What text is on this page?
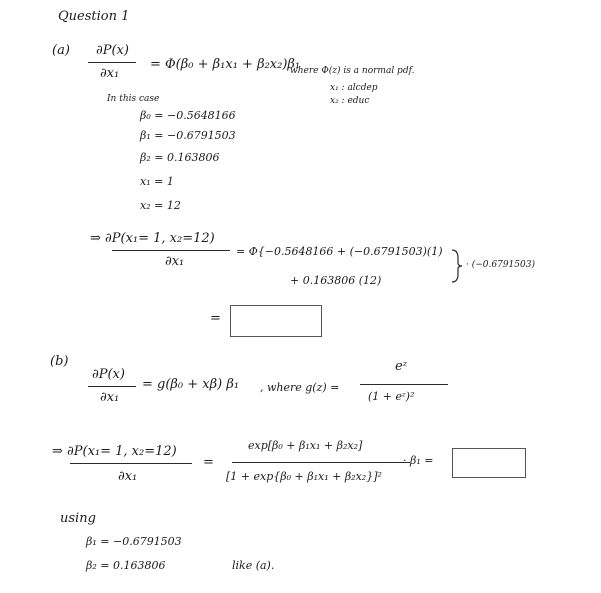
Question 1
(a) ∂P(x)
∂x₁
= Φ(β₀ + β₁x₁ + β₂x₂)β₁
where Φ(z) is a normal pdf.
x₁ : alcdep
x₂ : educ
In this case
β₀ = −0.5648166
β₁ = −0.6791503
β₂ = 0.163806
x₁ = 1
x₂ = 12
⇒ ∂P(x₁= 1, x₂=12)
∂x₁
= Φ{−0.5648166 + (−0.6791503)(1)
+ 0.163806 (12)
· (−0.6791503)
=
(b)
∂P(x)
∂x₁
= g(β₀ + xβ) β₁ , where g(z) =
eᶻ
(1 + eᶻ)²
⇒ ∂P(x₁= 1, x₂=12)
∂x₁
=
exp[β₀ + β₁x₁ + β₂x₂]
[1 + exp{β₀ + β₁x₁ + β₂x₂}]²
· β₁ =
using
β₁ = −0.6791503
β₂ = 0.163806	like (a).
